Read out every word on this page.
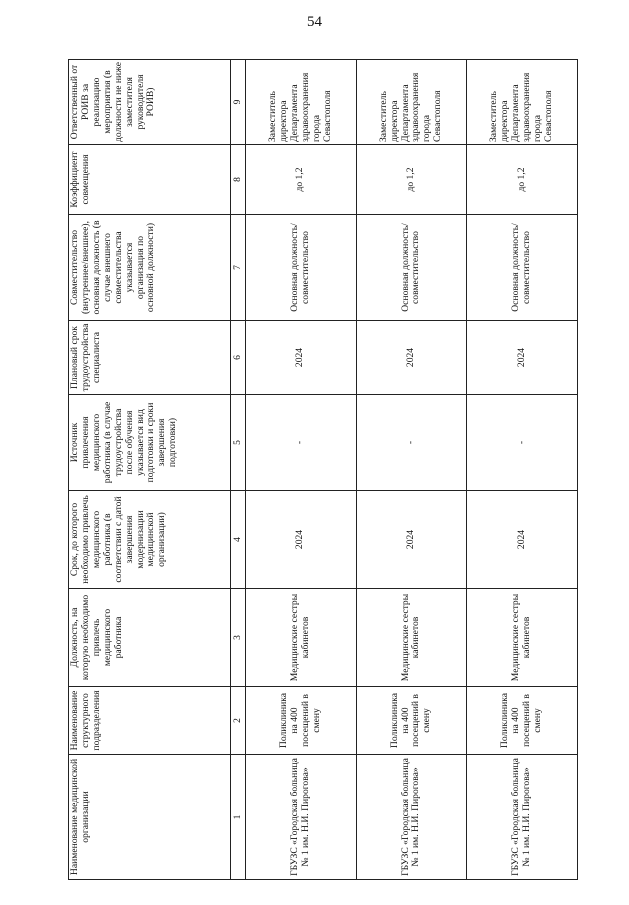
54
Наименование медицинской организации	Наименование структурного подразделения	Должность, на которую необходимо привлечь медицинского работника	Срок, до которого необходимо привлечь медицинского работника (в соответствии с датой завершения модернизации медицинской организации)	Источник привлечения медицинского работника (в случае трудоустройства после обучения указывается вид подготовки и сроки завершения подготовки)	Плановый срок трудоустройства специалиста	Совместительство (внутреннее/внешнее), основная должность (в случае внешнего совместительства указывается организация по основной должности)	Коэффициент совмещения	Ответственный от РОИВ за реализацию мероприятия (в должности не ниже заместителя руководителя РОИВ)
1	2	3	4	5	6	7	8	9
ГБУЗС «Городская больница № 1 им. Н.И. Пирогова»	Поликлиника на 400 посещений в смену	Медицинские сестры кабинетов	2024	-	2024	Основная должность/ совместительство	до 1,2	Заместитель директора Департамента здравоохранения города Севастополя
ГБУЗС «Городская больница № 1 им. Н.И. Пирогова»	Поликлиника на 400 посещений в смену	Медицинские сестры кабинетов	2024	-	2024	Основная должность/ совместительство	до 1,2	Заместитель директора Департамента здравоохранения города Севастополя
ГБУЗС «Городская больница № 1 им. Н.И. Пирогова»	Поликлиника на 400 посещений в смену	Медицинские сестры кабинетов	2024	-	2024	Основная должность/ совместительство	до 1,2	Заместитель директора Департамента здравоохранения города Севастополя
